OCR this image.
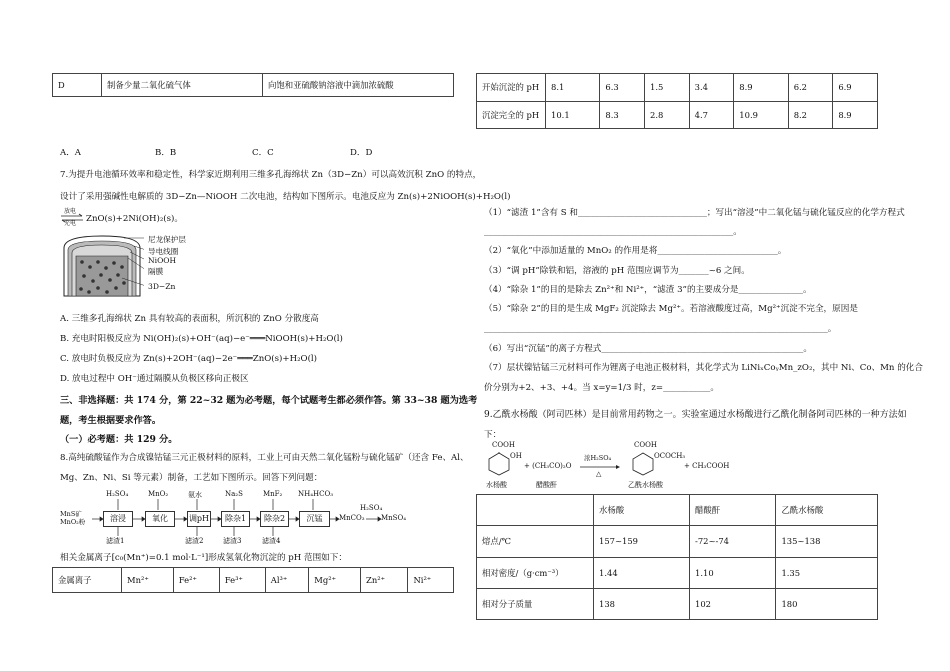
D	制备少量二氧化硫气体	向饱和亚硫酸钠溶液中滴加浓硫酸
A．A	B．B	C．C	D．D
7.为提升电池循环效率和稳定性，科学家近期利用三维多孔海绵状 Zn（3D−Zn）可以高效沉积 ZnO 的特点，
设计了采用强碱性电解质的 3D−Zn—NiOOH 二次电池，结构如下图所示。电池反应为 Zn(s)+2NiOOH(s)+H₂O(l)
放电
充电 ZnO(s)+2Ni(OH)₂(s)。
尼龙保护层
导电线圈
NiOOH
隔膜
3D−Zn
A. 三维多孔海绵状 Zn 具有较高的表面积，所沉积的 ZnO 分散度高
B. 充电时阳极反应为 Ni(OH)₂(s)+OH⁻(aq)−e⁻═══NiOOH(s)+H₂O(l)
C. 放电时负极反应为 Zn(s)+2OH⁻(aq)−2e⁻═══ZnO(s)+H₂O(l)
D. 放电过程中 OH⁻通过隔膜从负极区移向正极区
三、非选择题：共 174 分，第 22~32 题为必考题，每个试题考生都必须作答。第 33~38 题为选考
题，考生根据要求作答。
（一）必考题：共 129 分。
8.高纯硫酸锰作为合成镍钴锰三元正极材料的原料，工业上可由天然二氧化锰粉与硫化锰矿（还含 Fe、Al、
Mg、Zn、Ni、Si 等元素）制备，工艺如下图所示。回答下列问题：
MnS矿
MnO₂粉
H₂SO₄	MnO₂	氨水	Na₂S	MnF₂ NH₄HCO₃
H₂SO₄
溶浸	氧化	调pH	除杂1	除杂2	沉锰	MnCO₃ MnSO₄
滤渣1	滤渣2	滤渣3	滤渣4
相关金属离子[c₀(Mn⁺)=0.1 mol·L⁻¹]形成氢氧化物沉淀的 pH 范围如下：
金属离子	Mn²⁺	Fe²⁺	Fe³⁺	Al³⁺	Mg²⁺	Zn²⁺	Ni²⁺
开始沉淀的 pH	8.1	6.3	1.5	3.4	8.9	6.2	6.9
沉淀完全的 pH	10.1	8.3	2.8	4.7	10.9	8.2	8.9
（1）“滤渣 1”含有 S 和______________________________；写出“溶浸”中二氧化锰与硫化锰反应的化学方程式
__________________________________________________________。
（2）“氧化”中添加适量的 MnO₂ 的作用是将____________________________。
（3）“调 pH”除铁和铝，溶液的 pH 范围应调节为_______~6 之间。
（4）“除杂 1”的目的是除去 Zn²⁺和 Ni²⁺，“滤渣 3”的主要成分是_______________。
（5）“除杂 2”的目的是生成 MgF₂ 沉淀除去 Mg²⁺。若溶液酸度过高，Mg²⁺沉淀不完全，原因是
________________________________________________________________________________。
（6）写出“沉锰”的离子方程式_______________________________________________。
（7）层状镍钴锰三元材料可作为锂离子电池正极材料，其化学式为 LiNiₓCoᵧMn_zO₂，其中 Ni、Co、Mn 的化合
价分别为+2、+3、+4。当 x=y=1/3 时，z=___________。
9.乙酰水杨酸（阿司匹林）是目前常用药物之一。实验室通过水杨酸进行乙酰化制备阿司匹林的一种方法如
下：
COOH
OH
+ (CH₃CO)₂O
浓H₂SO₄
△
COOH
OCOCH₃
+ CH₃COOH
水杨酸	醋酸酐	乙酰水杨酸
	水杨酸	醋酸酐	乙酰水杨酸
熔点/℃	157~159	-72~-74	135~138
相对密度/（g·cm⁻³）	1.44	1.10	1.35
相对分子质量	138	102	180
